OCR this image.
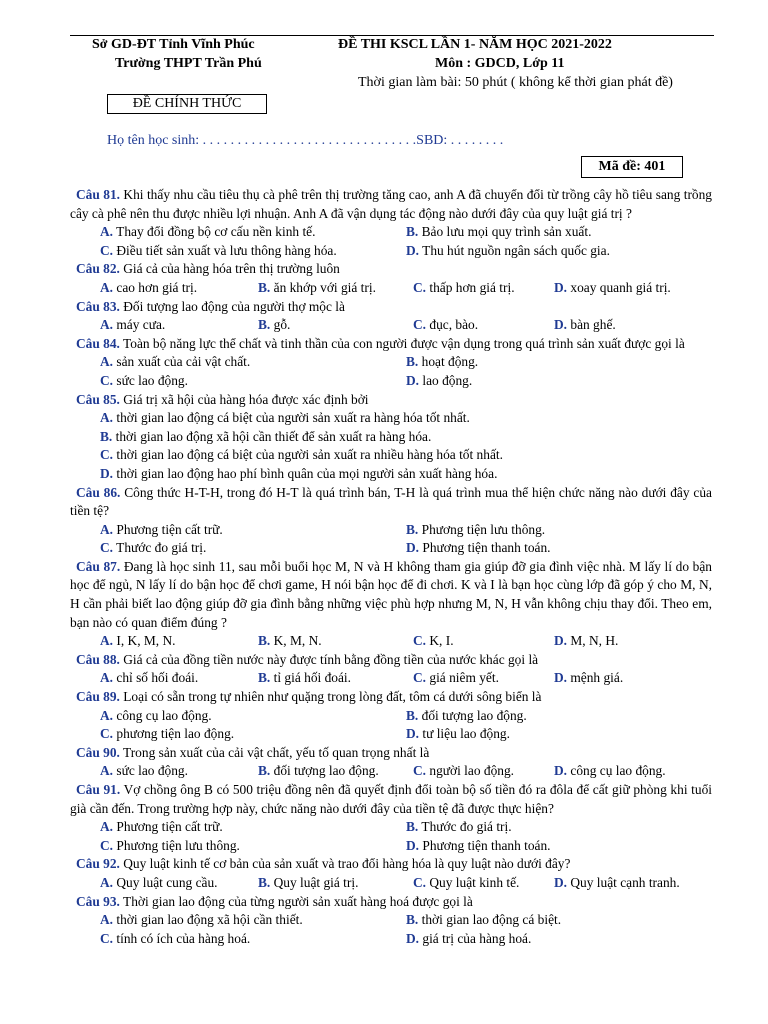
Sở GD-ĐT Tỉnh Vĩnh Phúc
Trường THPT Trần Phú
ĐỀ THI KSCL LẦN 1- NĂM HỌC 2021-2022
Môn : GDCD, Lớp 11
Thời gian làm bài: 50 phút ( không kể thời gian phát đề)
ĐỀ CHÍNH THỨC
Họ tên học sinh: . . . . . . . . . . . . . . . . . . . . . . . . . . . . . . .SBD: . . . . . . . .
Mã đề: 401
Câu 81. Khi thấy nhu cầu tiêu thụ cà phê trên thị trường tăng cao, anh A đã chuyển đổi từ trồng cây hồ tiêu sang trồng cây cà phê nên thu được nhiều lợi nhuận. Anh A đã vận dụng tác động nào dưới đây của quy luật giá trị ?
A. Thay đổi đồng bộ cơ cấu nền kinh tế.	B. Bảo lưu mọi quy trình sản xuất.
C. Điều tiết sản xuất và lưu thông hàng hóa.	D. Thu hút nguồn ngân sách quốc gia.
Câu 82. Giá cả của hàng hóa trên thị trường luôn
A. cao hơn giá trị.	B. ăn khớp với giá trị.	C. thấp hơn giá trị.	D. xoay quanh giá trị.
Câu 83. Đối tượng lao động của người thợ mộc là
A. máy cưa.	B. gỗ.	C. đục, bào.	D. bàn ghế.
Câu 84. Toàn bộ năng lực thể chất và tinh thần của con người được vận dụng trong quá trình sản xuất được gọi là
A. sản xuất của cải vật chất.	B. hoạt động.
C. sức lao động.	D. lao động.
Câu 85. Giá trị xã hội của hàng hóa được xác định bởi
A. thời gian lao động cá biệt của người sản xuất ra hàng hóa tốt nhất.
B. thời gian lao động xã hội cần thiết để sản xuất ra hàng hóa.
C. thời gian lao động cá biệt của người sản xuất ra nhiều hàng hóa tốt nhất.
D. thời gian lao động hao phí bình quân của mọi người sản xuất hàng hóa.
Câu 86. Công thức H-T-H, trong đó H-T là quá trình bán, T-H là quá trình mua thể hiện chức năng nào dưới đây của tiền tệ?
A. Phương tiện cất trữ.	B. Phương tiện lưu thông.
C. Thước đo giá trị.	D. Phương tiện thanh toán.
Câu 87. Đang là học sinh 11, sau mỗi buổi học M, N và H không tham gia giúp đỡ gia đình việc nhà. M lấy lí do bận học để ngủ, N lấy lí do bận học để chơi game, H nói bận học để đi chơi. K và I là bạn học cùng lớp đã góp ý cho M, N, H cần phải biết lao động giúp đỡ gia đình bằng những việc phù hợp nhưng M, N, H vẫn không chịu thay đổi. Theo em, bạn nào có quan điểm đúng ?
A. I, K, M, N.	B. K, M, N.	C. K, I.	D. M, N, H.
Câu 88. Giá cả của đồng tiền nước này được tính bằng đồng tiền của nước khác gọi là
A. chỉ số hối đoái.	B. tỉ giá hối đoái.	C. giá niêm yết.	D. mệnh giá.
Câu 89. Loại có sẵn trong tự nhiên như quặng trong lòng đất, tôm cá dưới sông biển là
A. công cụ lao động.	B. đối tượng lao động.
C. phương tiện lao động.	D. tư liệu lao động.
Câu 90. Trong sản xuất của cải vật chất, yếu tố quan trọng nhất là
A. sức lao động.	B. đối tượng lao động.	C. người lao động.	D. công cụ lao động.
Câu 91. Vợ chồng ông B có 500 triệu đồng nên đã quyết định đổi toàn bộ số tiền đó ra đôla để cất giữ phòng khi tuổi già cần đến. Trong trường hợp này, chức năng nào dưới đây của tiền tệ đã được thực hiện?
A. Phương tiện cất trữ.	B. Thước đo giá trị.
C. Phương tiện lưu thông.	D. Phương tiện thanh toán.
Câu 92. Quy luật kinh tế cơ bản của sản xuất và trao đổi hàng hóa là quy luật nào dưới đây?
A. Quy luật cung cầu.	B. Quy luật giá trị.	C. Quy luật kinh tế.	D. Quy luật cạnh tranh.
Câu 93. Thời gian lao động của từng người sản xuất hàng hoá được gọi là
A. thời gian lao động xã hội cần thiết.	B. thời gian lao động cá biệt.
C. tính có ích của hàng hoá.	D. giá trị của hàng hoá.
